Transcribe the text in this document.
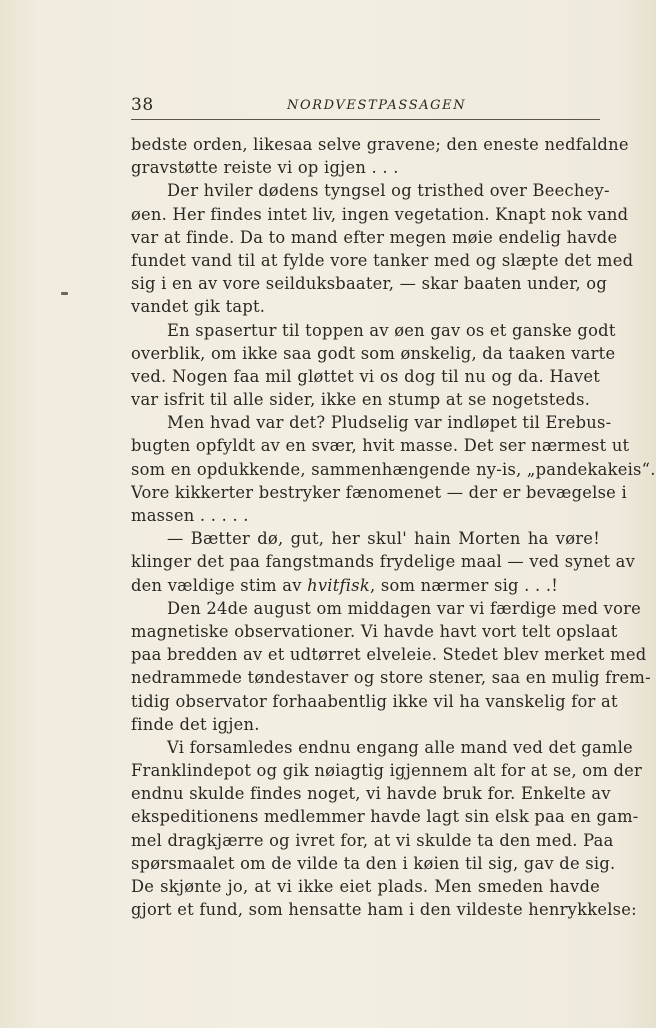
38	NORDVESTPASSAGEN
bedste orden, likesaa selve gravene; den eneste nedfaldne
gravstøtte reiste vi op igjen . . .
Der hviler dødens tyngsel og tristhed over Beechey-
øen. Her findes intet liv, ingen vegetation. Knapt nok vand
var at finde. Da to mand efter megen møie endelig havde
fundet vand til at fylde vore tanker med og slæpte det med
sig i en av vore seilduksbaater, — skar baaten under, og
vandet gik tapt.
En spasertur til toppen av øen gav os et ganske godt
overblik, om ikke saa godt som ønskelig, da taaken varte
ved. Nogen faa mil gløttet vi os dog til nu og da. Havet
var isfrit til alle sider, ikke en stump at se nogetsteds.
Men hvad var det? Pludselig var indløpet til Erebus-
bugten opfyldt av en svær, hvit masse. Det ser nærmest ut
som en opdukkende, sammenhængende ny-is, „pandekakeis“.
Vore kikkerter bestryker fænomenet — der er bevægelse i
massen . . . . .
— Bætter dø, gut, her skul' hain Morten ha vøre!
klinger det paa fangstmands frydelige maal — ved synet av
den vældige stim av hvitfisk, som nærmer sig . . .!
Den 24de august om middagen var vi færdige med vore
magnetiske observationer. Vi havde havt vort telt opslaat
paa bredden av et udtørret elveleie. Stedet blev merket med
nedrammede tøndestaver og store stener, saa en mulig frem-
tidig observator forhaabentlig ikke vil ha vanskelig for at
finde det igjen.
Vi forsamledes endnu engang alle mand ved det gamle
Franklindepot og gik nøiagtig igjennem alt for at se, om der
endnu skulde findes noget, vi havde bruk for. Enkelte av
ekspeditionens medlemmer havde lagt sin elsk paa en gam-
mel dragkjærre og ivret for, at vi skulde ta den med. Paa
spørsmaalet om de vilde ta den i køien til sig, gav de sig.
De skjønte jo, at vi ikke eiet plads. Men smeden havde
gjort et fund, som hensatte ham i den vildeste henrykkelse:
